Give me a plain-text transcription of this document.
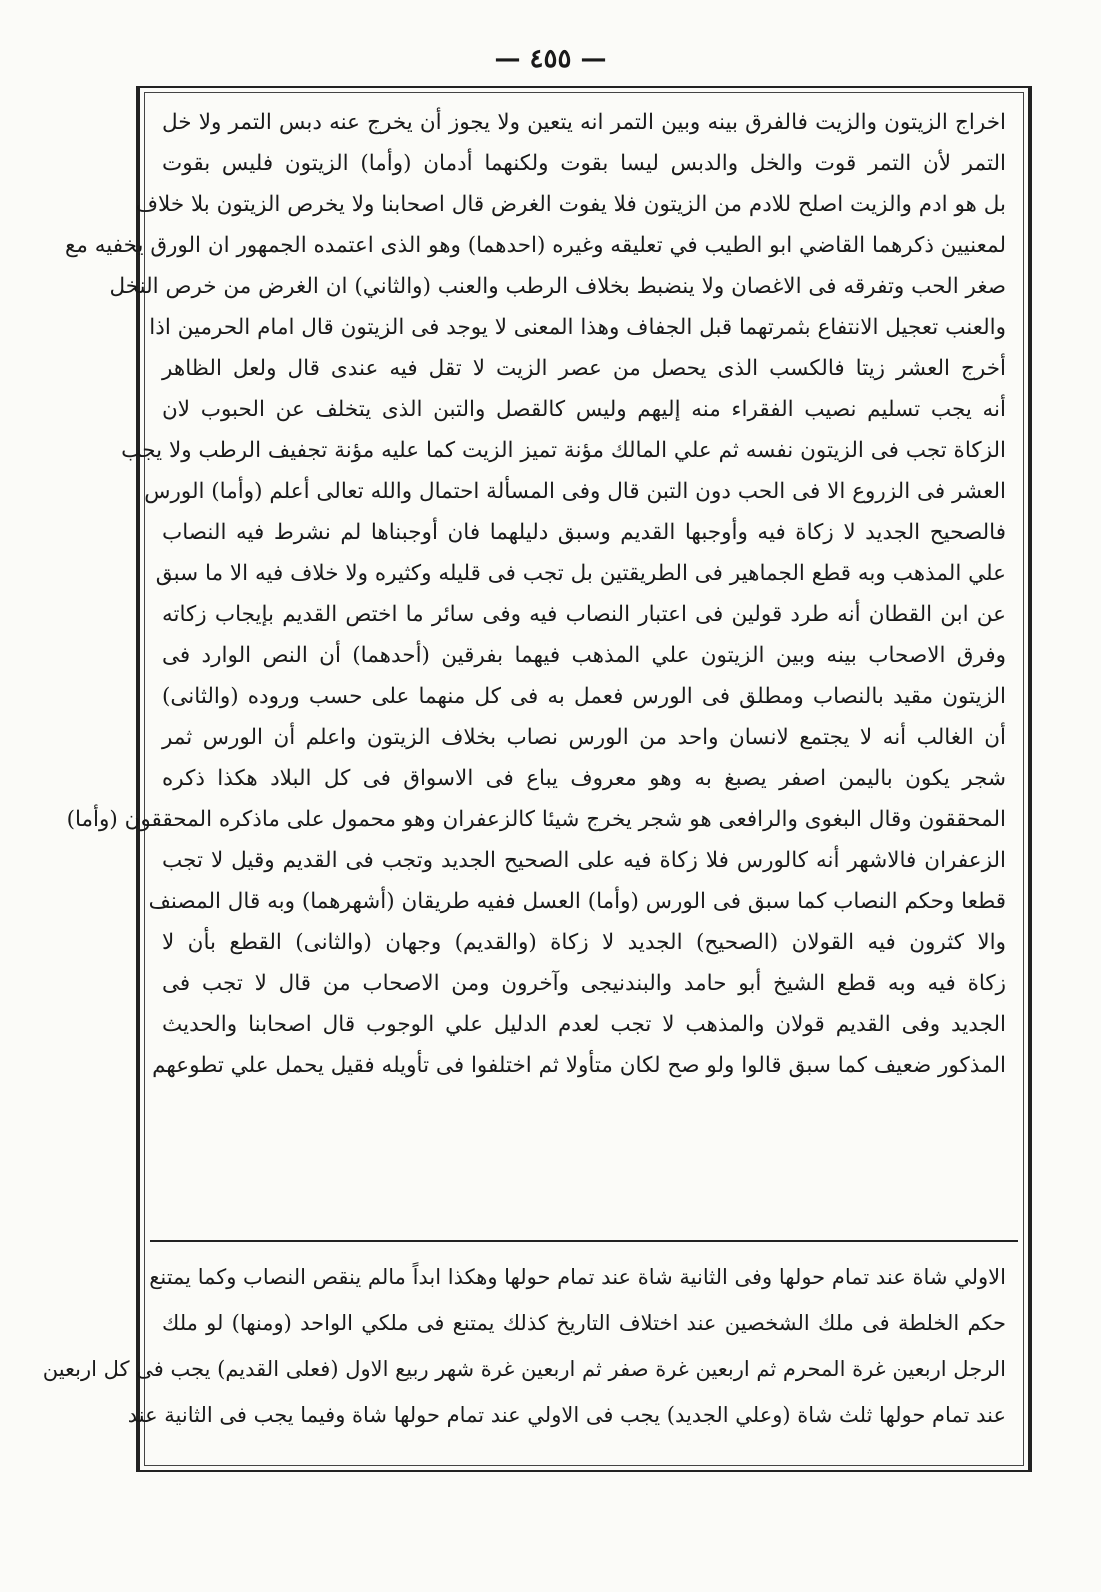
— ٤٥٥ —
اخراج الزيتون والزيت فالفرق بينه وبين التمر انه يتعين ولا يجوز أن يخرج عنه دبس التمر ولا خل
التمر لأن التمر قوت والخل والدبس ليسا بقوت ولكنهما أدمان (وأما) الزيتون فليس بقوت
بل هو ادم والزيت اصلح للادم من الزيتون فلا يفوت الغرض قال اصحابنا ولا يخرص الزيتون بلا خلاف
لمعنيين ذكرهما القاضي ابو الطيب في تعليقه وغيره (احدهما) وهو الذى اعتمده الجمهور ان الورق يخفيه مع
صغر الحب وتفرقه فى الاغصان ولا ينضبط بخلاف الرطب والعنب (والثاني) ان الغرض من خرص النخل
والعنب تعجيل الانتفاع بثمرتهما قبل الجفاف وهذا المعنى لا يوجد فى الزيتون قال امام الحرمين اذا
أخرج العشر زيتا فالكسب الذى يحصل من عصر الزيت لا تقل فيه عندى قال ولعل الظاهر
أنه يجب تسليم نصيب الفقراء منه إليهم وليس كالقصل والتبن الذى يتخلف عن الحبوب لان
الزكاة تجب فى الزيتون نفسه ثم علي المالك مؤنة تميز الزيت كما عليه مؤنة تجفيف الرطب ولا يجب
العشر فى الزروع الا فى الحب دون التبن قال وفى المسألة احتمال والله تعالى أعلم (وأما) الورس
فالصحيح الجديد لا زكاة فيه وأوجبها القديم وسبق دليلهما فان أوجبناها لم نشرط فيه النصاب
علي المذهب وبه قطع الجماهير فى الطريقتين بل تجب فى قليله وكثيره ولا خلاف فيه الا ما سبق
عن ابن القطان أنه طرد قولين فى اعتبار النصاب فيه وفى سائر ما اختص القديم بإيجاب زكاته
وفرق الاصحاب بينه وبين الزيتون علي المذهب فيهما بفرقين (أحدهما) أن النص الوارد فى
الزيتون مقيد بالنصاب ومطلق فى الورس فعمل به فى كل منهما على حسب وروده (والثانى)
أن الغالب أنه لا يجتمع لانسان واحد من الورس نصاب بخلاف الزيتون واعلم أن الورس ثمر
شجر يكون باليمن اصفر يصبغ به وهو معروف يباع فى الاسواق فى كل البلاد هكذا ذكره
المحققون وقال البغوى والرافعى هو شجر يخرج شيئا كالزعفران وهو محمول على ماذكره المحققون (وأما)
الزعفران فالاشهر أنه كالورس فلا زكاة فيه على الصحيح الجديد وتجب فى القديم وقيل لا تجب
قطعا وحكم النصاب كما سبق فى الورس (وأما) العسل ففيه طريقان (أشهرهما) وبه قال المصنف
والا كثرون فيه القولان (الصحيح) الجديد لا زكاة (والقديم) وجهان (والثانى) القطع بأن لا
زكاة فيه وبه قطع الشيخ أبو حامد والبندنيجى وآخرون ومن الاصحاب من قال لا تجب فى
الجديد وفى القديم قولان والمذهب لا تجب لعدم الدليل علي الوجوب قال اصحابنا والحديث
المذكور ضعيف كما سبق قالوا ولو صح لكان متأولا ثم اختلفوا فى تأويله فقيل يحمل علي تطوعهم
الاولي شاة عند تمام حولها وفى الثانية شاة عند تمام حولها وهكذا ابداً مالم ينقص النصاب وكما يمتنع
حكم الخلطة فى ملك الشخصين عند اختلاف التاريخ كذلك يمتنع فى ملكي الواحد (ومنها) لو ملك
الرجل اربعين غرة المحرم ثم اربعين غرة صفر ثم اربعين غرة شهر ربيع الاول (فعلى القديم) يجب فى كل اربعين
عند تمام حولها ثلث شاة (وعلي الجديد) يجب فى الاولي عند تمام حولها شاة وفيما يجب فى الثانية عند
